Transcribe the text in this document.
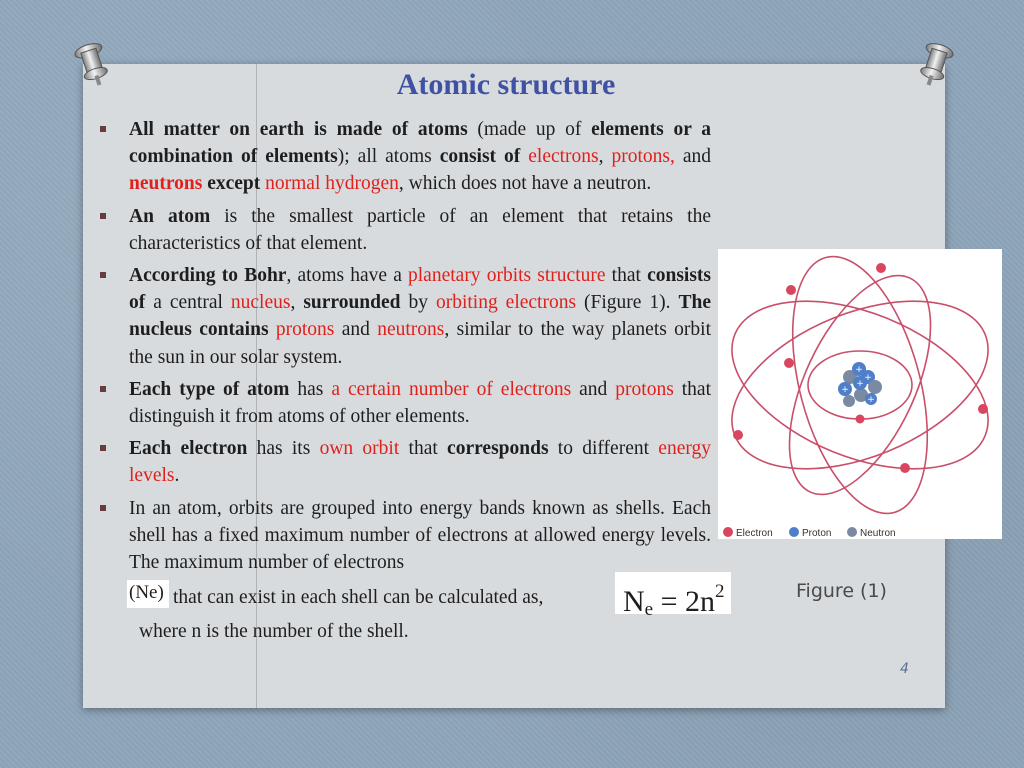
Atomic structure
All matter on earth is made of atoms (made up of elements or a combination of elements); all atoms consist of electrons, protons, and neutrons except normal hydrogen, which does not have a neutron.
An atom is the smallest particle of an element that retains the characteristics of that element.
According to Bohr, atoms have a planetary orbits structure that consists of a central nucleus, surrounded by orbiting electrons (Figure 1). The nucleus contains protons and neutrons, similar to the way planets orbit the sun in our solar system.
Each type of atom has a certain number of electrons and protons that distinguish it from atoms of other elements.
Each electron has its own orbit that corresponds to different energy levels.
In an atom, orbits are grouped into energy bands known as shells. Each shell has a fixed maximum number of electrons at allowed energy levels. The maximum number of electrons
(Ne) that can exist in each shell can be calculated as,	$N_e = 2n^2$
where n is the number of the shell.
+
+
+
+
+
Electron	Proton	Neutron
Figure (1)
4
